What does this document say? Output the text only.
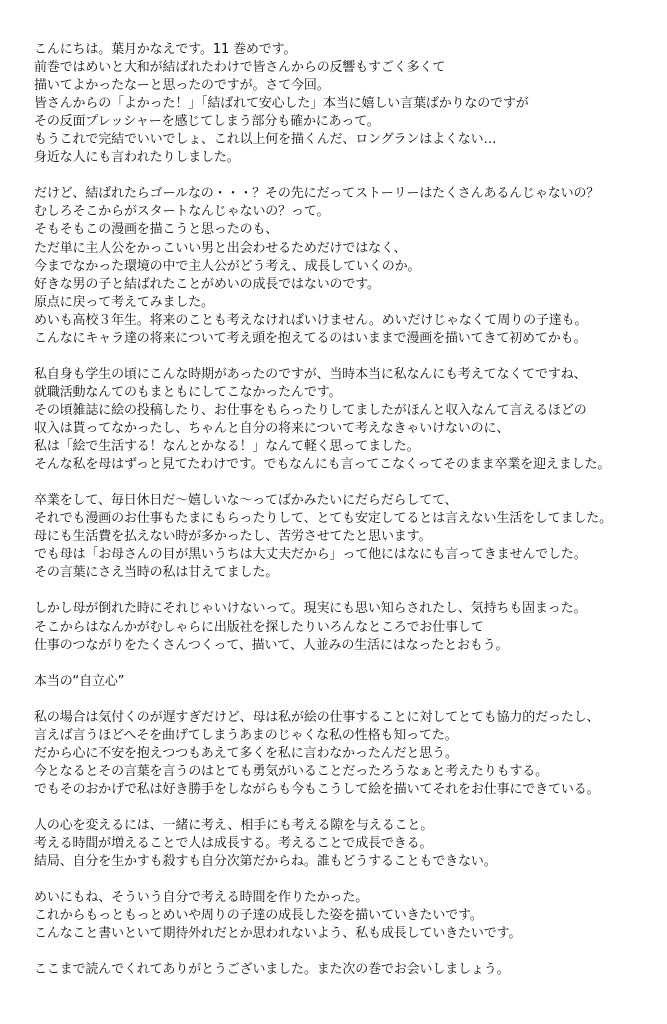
こんにちは。葉月かなえです。11 巻めです。
前巻ではめいと大和が結ばれたわけで皆さんからの反響もすごく多くて
描いてよかったなーと思ったのですが。さて今回。
皆さんからの「よかった！」「結ばれて安心した」本当に嬉しい言葉ばかりなのですが
その反面プレッシャーを感じてしまう部分も確かにあって。
もうこれで完結でいいでしょ、これ以上何を描くんだ、ロングランはよくない…
身近な人にも言われたりしました。

だけど、結ばれたらゴールなの・・・？その先にだってストーリーはたくさんあるんじゃないの？
むしろそこからがスタートなんじゃないの？って。
そもそもこの漫画を描こうと思ったのも、
ただ単に主人公をかっこいい男と出会わせるためだけではなく、
今までなかった環境の中で主人公がどう考え、成長していくのか。
好きな男の子と結ばれたことがめいの成長ではないのです。
原点に戻って考えてみました。
めいも高校３年生。将来のことも考えなければいけません。めいだけじゃなくて周りの子達も。
こんなにキャラ達の将来について考え頭を抱えてるのはいままで漫画を描いてきて初めてかも。

私自身も学生の頃にこんな時期があったのですが、当時本当に私なんにも考えてなくてですね、
就職活動なんてのもまともにしてこなかったんです。
その頃雑誌に絵の投稿したり、お仕事をもらったりしてましたがほんと収入なんて言えるほどの
収入は貰ってなかったし、ちゃんと自分の将来について考えなきゃいけないのに、
私は「絵で生活する！なんとかなる！」なんて軽く思ってました。
そんな私を母はずっと見てたわけです。でもなんにも言ってこなくってそのまま卒業を迎えました。

卒業をして、毎日休日だ～嬉しいな～ってばかみたいにだらだらしてて、
それでも漫画のお仕事もたまにもらったりして、とても安定してるとは言えない生活をしてました。
母にも生活費を払えない時が多かったし、苦労させてたと思います。
でも母は「お母さんの目が黒いうちは大丈夫だから」って他にはなにも言ってきませんでした。
その言葉にさえ当時の私は甘えてました。

しかし母が倒れた時にそれじゃいけないって。現実にも思い知らされたし、気持ちも固まった。
そこからはなんかがむしゃらに出版社を探したりいろんなところでお仕事して
仕事のつながりをたくさんつくって、描いて、人並みの生活にはなったとおもう。

本当の“自立心”

私の場合は気付くのが遅すぎだけど、母は私が絵の仕事することに対してとても協力的だったし、
言えば言うほどへそを曲げてしまうあまのじゃくな私の性格も知ってた。
だから心に不安を抱えつつもあえて多くを私に言わなかったんだと思う。
今となるとその言葉を言うのはとても勇気がいることだったろうなぁと考えたりもする。
でもそのおかげで私は好き勝手をしながらも今もこうして絵を描いてそれをお仕事にできている。

人の心を変えるには、一緒に考え、相手にも考える隙を与えること。
考える時間が増えることで人は成長する。考えることで成長できる。
結局、自分を生かすも殺すも自分次第だからね。誰もどうすることもできない。

めいにもね、そういう自分で考える時間を作りたかった。
これからもっともっとめいや周りの子達の成長した姿を描いていきたいです。
こんなこと書いといて期待外れだとか思われないよう、私も成長していきたいです。

ここまで読んでくれてありがとうございました。また次の巻でお会いしましょう。
